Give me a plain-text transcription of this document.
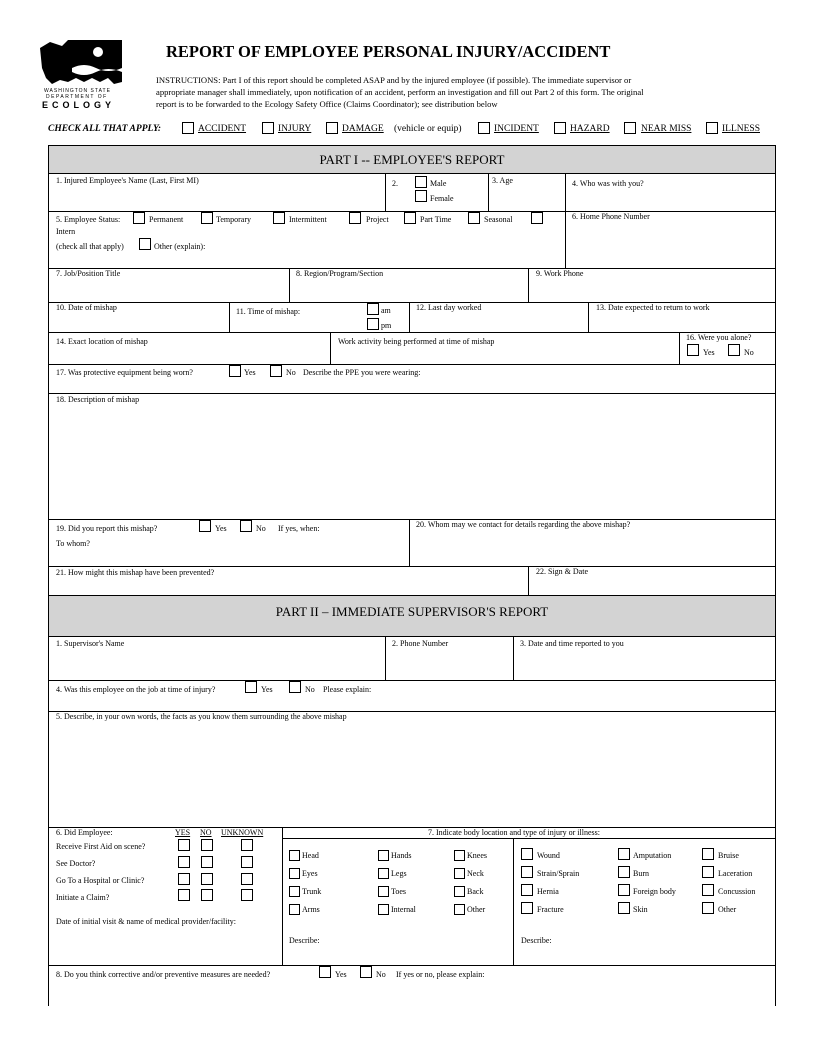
WASHINGTON STATE
DEPARTMENT OF
ECOLOGY
REPORT OF EMPLOYEE PERSONAL INJURY/ACCIDENT
INSTRUCTIONS: Part I of this report should be completed ASAP and by the injured employee (if possible). The immediate supervisor or
appropriate manager shall immediately, upon notification of an accident, perform an investigation and fill out Part 2 of this form. The original
report is to be forwarded to the Ecology Safety Office (Claims Coordinator); see distribution below
CHECK ALL THAT APPLY:	ACCIDENT	INJURY	DAMAGE (vehicle or equip)	INCIDENT	HAZARD	NEAR MISS	ILLNESS
PART I -- EMPLOYEE'S REPORT
1. Injured Employee's Name (Last, First MI)	2.	Male
Female
3. Age	4. Who was with you?
5. Employee Status:	Permanent	Temporary	Intermittent	Project	Part Time	Seasonal
Intern
(check all that apply)	Other (explain):
6. Home Phone Number
7. Job/Position Title	8. Region/Program/Section	9. Work Phone
10. Date of mishap	11. Time of mishap:	am
pm
12. Last day worked	13. Date expected to return to work
14. Exact location of mishap	Work activity being performed at time of mishap	16. Were you alone?
Yes	No
17. Was protective equipment being worn?	Yes	No Describe the PPE you were wearing:
18. Description of mishap
19. Did you report this mishap?	Yes	No If yes, when:
To whom?
20. Whom may we contact for details regarding the above mishap?
21. How might this mishap have been prevented?	22. Sign & Date
PART II – IMMEDIATE SUPERVISOR'S REPORT
1. Supervisor's Name	2. Phone Number	3. Date and time reported to you
4. Was this employee on the job at time of injury?	Yes	No Please explain:
5. Describe, in your own words, the facts as you know them surrounding the above mishap
6. Did Employee:	YES NO UNKNOWN
Receive First Aid on scene?
See Doctor?
Go To a Hospital or Clinic?
Initiate a Claim?
Date of initial visit & name of medical provider/facility:
7. Indicate body location and type of injury or illness:
Head	Hands	Knees
Eyes	Legs	Neck
Trunk	Toes	Back
Arms	Internal	Other
Describe:
Wound	Amputation	Bruise
Strain/Sprain	Burn	Laceration
Hernia	Foreign body	Concussion
Fracture	Skin	Other
Describe:
8. Do you think corrective and/or preventive measures are needed?	Yes	No If yes or no, please explain:
